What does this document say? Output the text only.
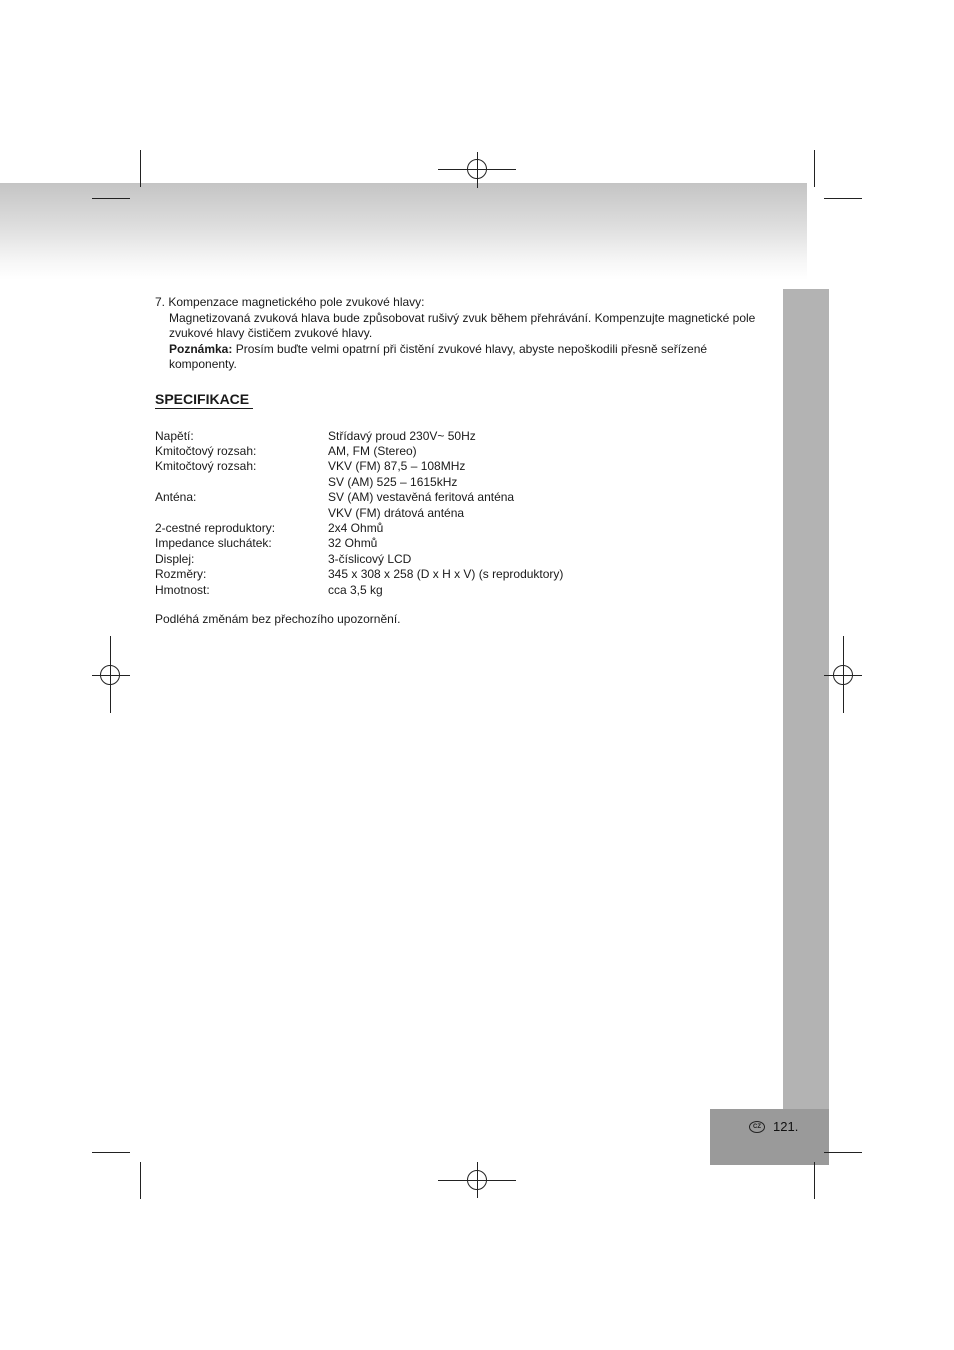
CZ 121.

7. Kompenzace magnetického pole zvukové hlavy:

Magnetizovaná zvuková hlava bude způsobovat rušivý zvuk během přehrávání. Kompenzujte magnetické pole zvukové hlavy čističem zvukové hlavy.

Poznámka: Prosím buďte velmi opatrní při čistění zvukové hlavy, abyste nepoškodili přesně seřízené komponenty.

SPECIFIKACE
Napětí:	Střídavý proud 230V~ 50Hz
Kmitočtový rozsah:	AM, FM (Stereo)
Kmitočtový rozsah:	VKV (FM) 87,5 – 108MHz
	SV (AM) 525 – 1615kHz
Anténa:	SV (AM) vestavěná feritová anténa
	VKV (FM) drátová anténa
2-cestné reproduktory:	2x4 Ohmů
Impedance sluchátek:	32 Ohmů
Displej:	3-číslicový LCD
Rozměry:	345 x 308 x 258 (D x H x V) (s reproduktory)
Hmotnost:	cca 3,5 kg

Podléhá změnám bez přechozího upozornění.
